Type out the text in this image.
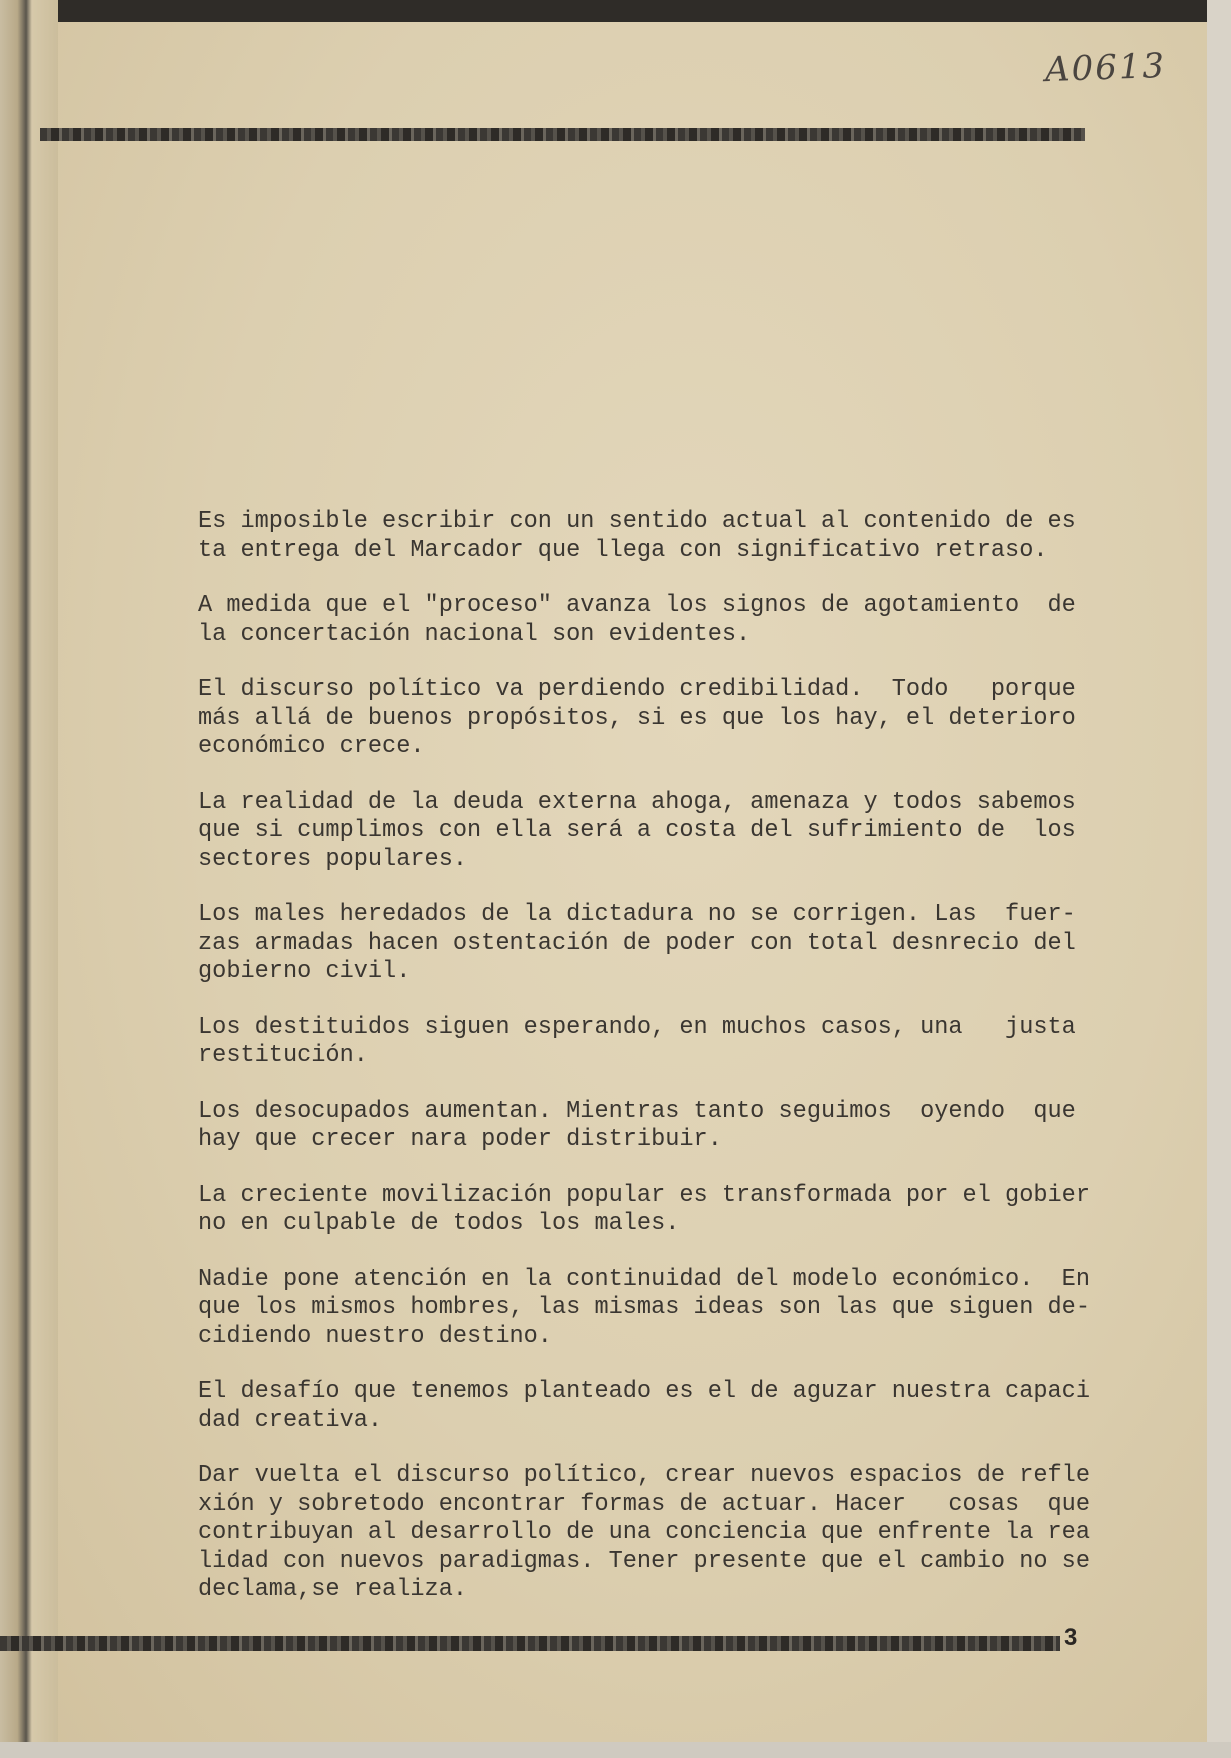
A0613
Es imposible escribir con un sentido actual al contenido de es
ta entrega del Marcador que llega con significativo retraso.
A medida que el "proceso" avanza los signos de agotamiento  de
la concertación nacional son evidentes.
El discurso político va perdiendo credibilidad.  Todo   porque
más allá de buenos propósitos, si es que los hay, el deterioro
económico crece.
La realidad de la deuda externa ahoga, amenaza y todos sabemos
que si cumplimos con ella será a costa del sufrimiento de  los
sectores populares.
Los males heredados de la dictadura no se corrigen. Las  fuer-
zas armadas hacen ostentación de poder con total desnrecio del
gobierno civil.
Los destituidos siguen esperando, en muchos casos, una   justa
restitución.
Los desocupados aumentan. Mientras tanto seguimos  oyendo  que
hay que crecer nara poder distribuir.
La creciente movilización popular es transformada por el gobier
no en culpable de todos los males.
Nadie pone atención en la continuidad del modelo económico.  En
que los mismos hombres, las mismas ideas son las que siguen de-
cidiendo nuestro destino.
El desafío que tenemos planteado es el de aguzar nuestra capaci
dad creativa.
Dar vuelta el discurso político, crear nuevos espacios de refle
xión y sobretodo encontrar formas de actuar. Hacer   cosas  que
contribuyan al desarrollo de una conciencia que enfrente la rea
lidad con nuevos paradigmas. Tener presente que el cambio no se
declama,se realiza.
3
